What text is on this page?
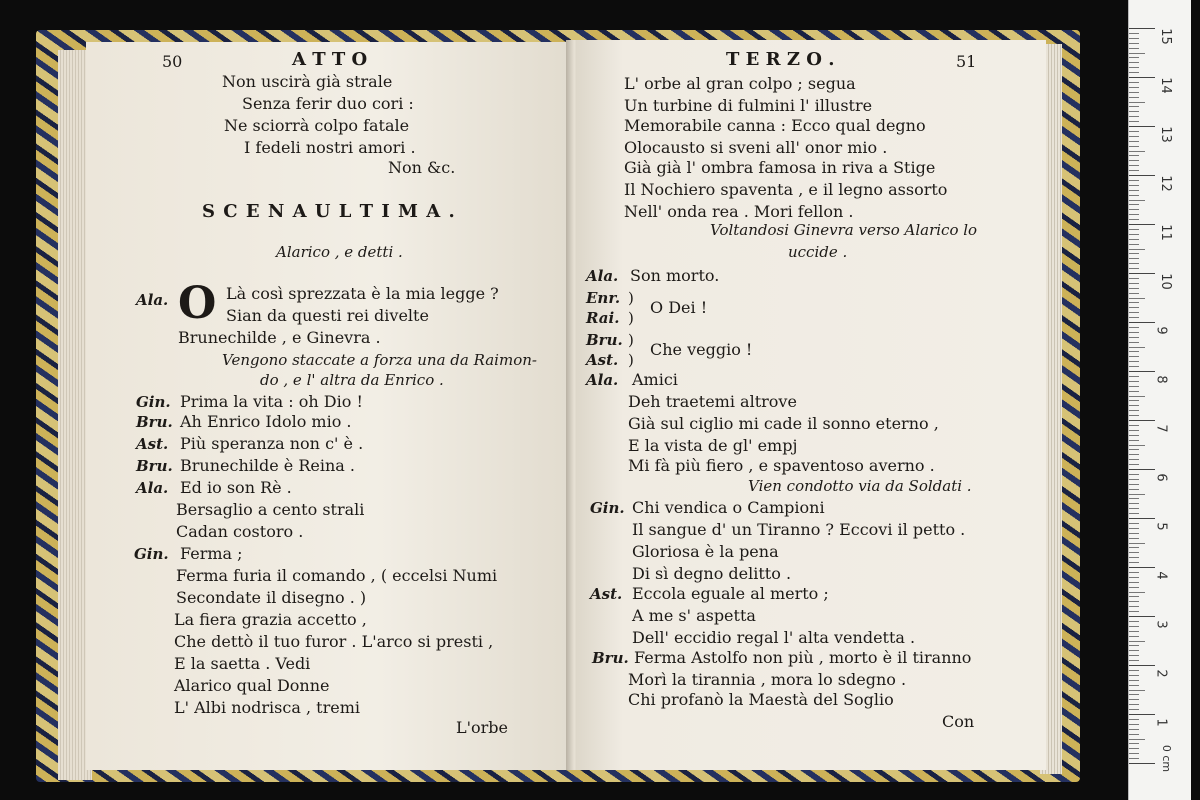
50	A T T O
Non uscirà già strale
Senza ferir duo cori :
Ne sciorrà colpo fatale
I fedeli nostri amori .
Non &c.
S C E N A U L T I M A .
Alarico , e detti .
Ala. O Là così sprezzata è la mia legge ?
Sian da questi rei divelte
Brunechilde , e Ginevra .
Vengono staccate a forza una da Raimon-
do , e l' altra da Enrico .
Gin. Prima la vita : oh Dio !
Bru. Ah Enrico Idolo mio .
Ast. Più speranza non c' è .
Bru. Brunechilde è Reina .
Ala. Ed io son Rè .
Bersaglio a cento strali
Cadan costoro .
Gin. Ferma ;
Ferma furia il comando , ( eccelsi Numi
Secondate il disegno . )
La fiera grazia accetto ,
Che dettò il tuo furor . L'arco si presti ,
E la saetta . Vedi
Alarico qual Donne
L' Albi nodrisca , tremi
L'orbe
T E R Z O .	51
L' orbe al gran colpo ; segua
Un turbine di fulmini l' illustre
Memorabile canna : Ecco qual degno
Olocausto si sveni all' onor mio .
Già già l' ombra famosa in riva a Stige
Il Nochiero spaventa , e il legno assorto
Nell' onda rea . Mori fellon .
Voltandosi Ginevra verso Alarico lo
uccide .
Ala. Son morto.
Enr.
Rai.
)
)
O Dei !
Bru.
Ast.
)
)
Che veggio !
Ala. Amici
Deh traetemi altrove
Già sul ciglio mi cade il sonno eterno ,
E la vista de gl' empj
Mi fà più fiero , e spaventoso averno .
Vien condotto via da Soldati .
Gin. Chi vendica o Campioni
Il sangue d' un Tiranno ? Eccovi il petto .
Gloriosa è la pena
Di sì degno delitto .
Ast. Eccola eguale al merto ;
A me s' aspetta
Dell' eccidio regal l' alta vendetta .
Bru. Ferma Astolfo non più , morto è il tiranno
Morì la tirannia , mora lo sdegno .
Chi profanò la Maestà del Soglio
Con
15
14
13
12
11
10
9
8
7
6
5
4
3
2
1
0 cm
